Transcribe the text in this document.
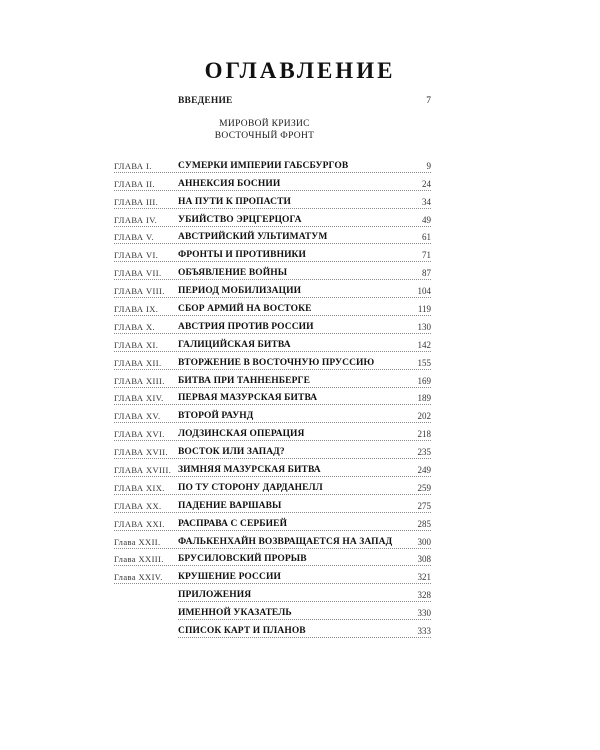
ОГЛАВЛЕНИЕ
ВВЕДЕНИЕ	7
МИРОВОЙ КРИЗИС
ВОСТОЧНЫЙ ФРОНТ
ГЛАВА I.	СУМЕРКИ ИМПЕРИИ ГАБСБУРГОВ	9
ГЛАВА II.	АННЕКСИЯ БОСНИИ	24
ГЛАВА III.	НА ПУТИ К ПРОПАСТИ	34
ГЛАВА IV.	УБИЙСТВО ЭРЦГЕРЦОГА	49
ГЛАВА V.	АВСТРИЙСКИЙ УЛЬТИМАТУМ	61
ГЛАВА VI.	ФРОНТЫ И ПРОТИВНИКИ	71
ГЛАВА VII.	ОБЪЯВЛЕНИЕ ВОЙНЫ	87
ГЛАВА VIII.	ПЕРИОД МОБИЛИЗАЦИИ	104
ГЛАВА IX.	СБОР АРМИЙ НА ВОСТОКЕ	119
ГЛАВА X.	АВСТРИЯ ПРОТИВ РОССИИ	130
ГЛАВА XI.	ГАЛИЦИЙСКАЯ БИТВА	142
ГЛАВА XII.	ВТОРЖЕНИЕ В ВОСТОЧНУЮ ПРУССИЮ	155
ГЛАВА XIII.	БИТВА ПРИ ТАННЕНБЕРГЕ	169
ГЛАВА XIV.	ПЕРВАЯ МАЗУРСКАЯ БИТВА	189
ГЛАВА XV.	ВТОРОЙ РАУНД	202
ГЛАВА XVI.	ЛОДЗИНСКАЯ ОПЕРАЦИЯ	218
ГЛАВА XVII.	ВОСТОК ИЛИ ЗАПАД?	235
ГЛАВА XVIII. ЗИМНЯЯ МАЗУРСКАЯ БИТВА	249
ГЛАВА XIX.	ПО ТУ СТОРОНУ ДАРДАНЕЛЛ	259
ГЛАВА XX.	ПАДЕНИЕ ВАРШАВЫ	275
ГЛАВА XXI.	РАСПРАВА С СЕРБИЕЙ	285
Глава XXII.	ФАЛЬКЕНХАЙН ВОЗВРАЩАЕТСЯ НА ЗАПАД	300
Глава XXIII.	БРУСИЛОВСКИЙ ПРОРЫВ	308
Глава XXIV.	КРУШЕНИЕ РОССИИ	321
ПРИЛОЖЕНИЯ	328
ИМЕННОЙ УКАЗАТЕЛЬ	330
СПИСОК КАРТ И ПЛАНОВ	333
